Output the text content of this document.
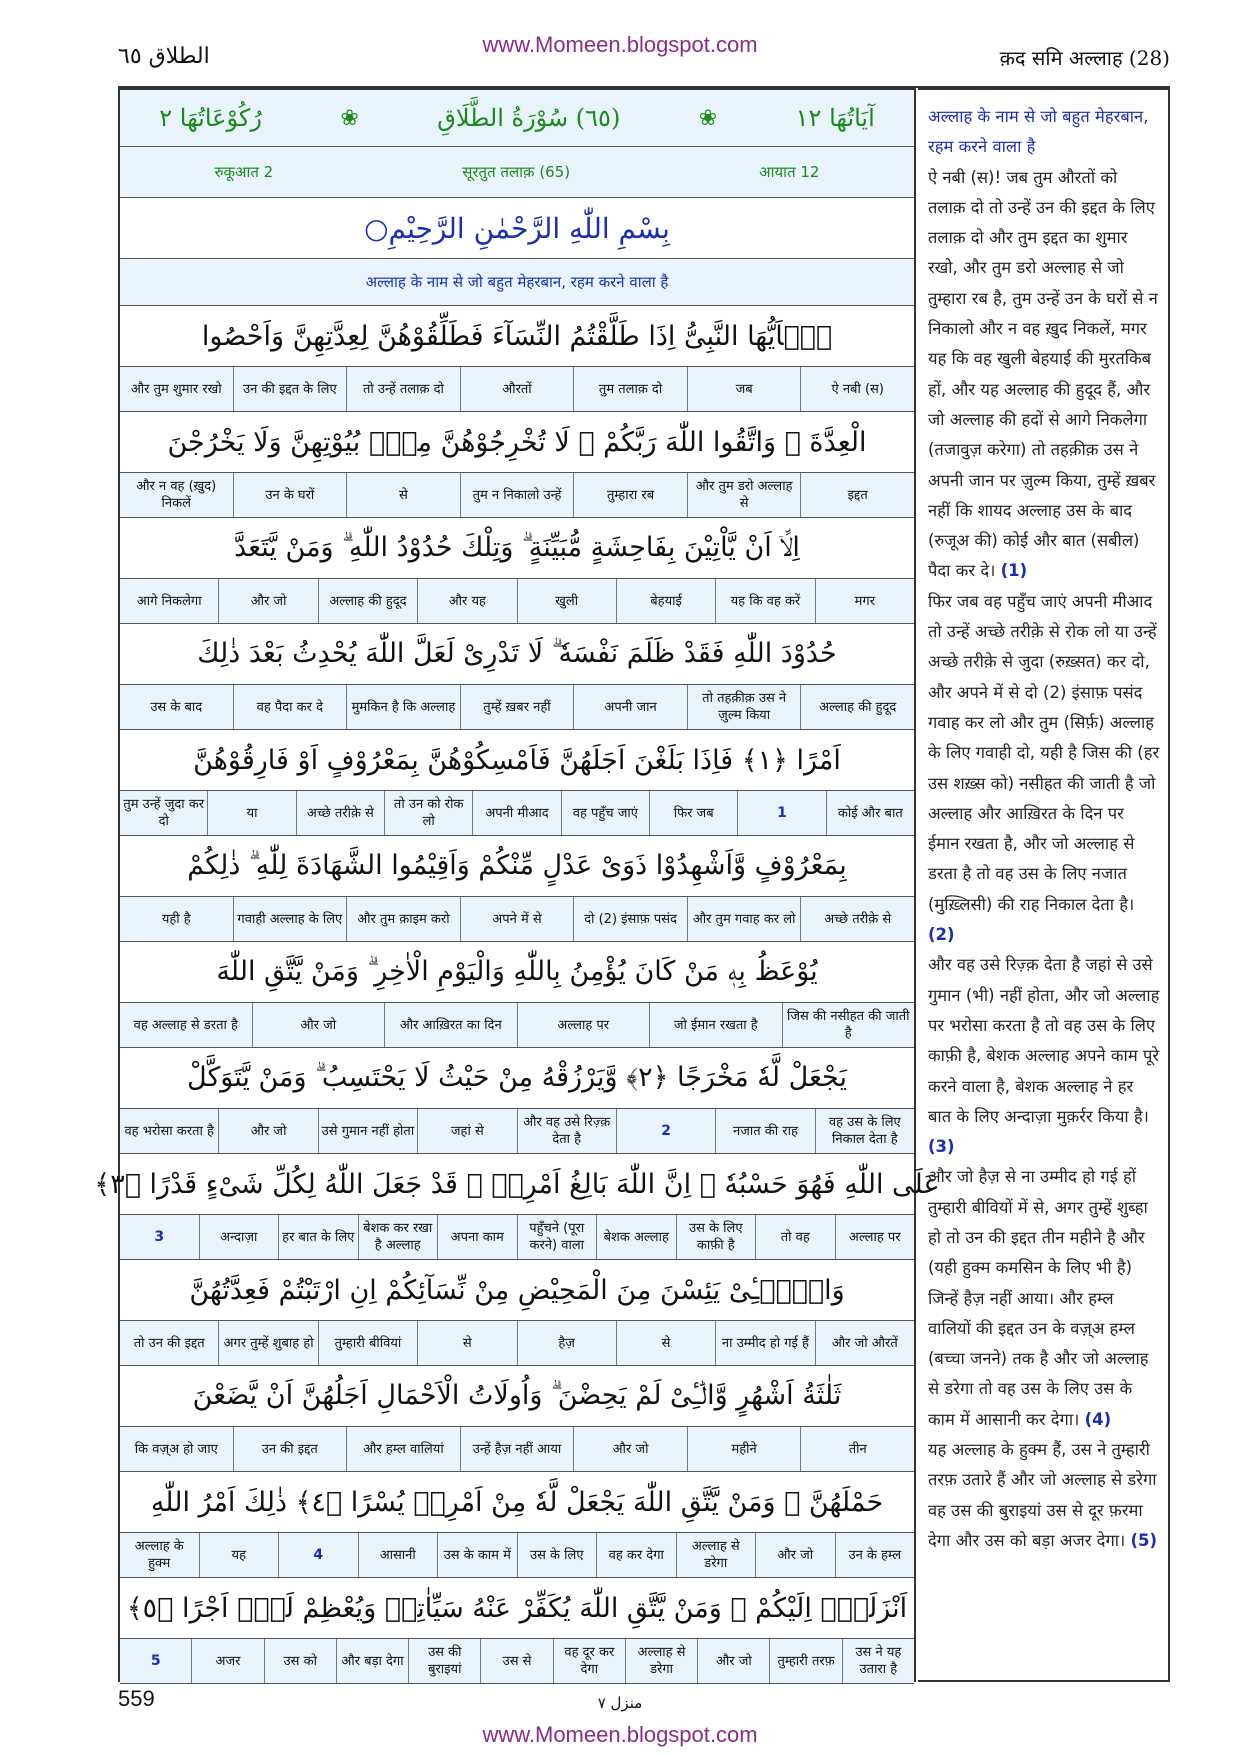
www.Momeen.blogspot.com
الطلاق ٦٥	क़द समि अल्लाह (28)
آيَاتُهَا ١٢
❀
(٦٥) سُوْرَةُ الطَّلَاقِ
❀
رُكُوْعَاتُهَا ٢
आयात 12
(65) सूरतुत तलाक़
रुकूआत 2
بِسْمِ اللّٰهِ الرَّحْمٰنِ الرَّحِيْمِ○
अल्लाह के नाम से जो बहुत मेहरबान, रहम करने वाला है
يٰۤاَيُّهَا النَّبِىُّ اِذَا طَلَّقْتُمُ النِّسَآءَ فَطَلِّقُوْهُنَّ لِعِدَّتِهِنَّ وَاَحْصُوا
ऐ नबी (स)
जब
तुम तलाक़ दो
औरतों
तो उन्हें तलाक़ दो
उन की इद्दत के लिए
और तुम शुमार रखो
الْعِدَّةَ ۚ وَاتَّقُوا اللّٰهَ رَبَّكُمْ ۚ لَا تُخْرِجُوْهُنَّ مِنْۢ بُيُوْتِهِنَّ وَلَا يَخْرُجْنَ
इद्दत
और तुम डरो अल्लाह से
तुम्हारा रब
तुम न निकालो उन्हें
से
उन के घरों
और न वह (ख़ुद) निकलें
اِلَّاۤ اَنْ يَّاْتِيْنَ بِفَاحِشَةٍ مُّبَيِّنَةٍ ۗ وَتِلْكَ حُدُوْدُ اللّٰهِ ۗ وَمَنْ يَّتَعَدَّ
मगर
यह कि वह करें
बेहयाई
खुली
और यह
अल्लाह की हुदूद
और जो
आगे निकलेगा
حُدُوْدَ اللّٰهِ فَقَدْ ظَلَمَ نَفْسَهٗ ۗ لَا تَدْرِىْ لَعَلَّ اللّٰهَ يُحْدِثُ بَعْدَ ذٰلِكَ
अल्लाह की हुदूद
तो तहक़ीक़ उस ने ज़ुल्म किया
अपनी जान
तुम्हें ख़बर नहीं
मुमकिन है कि अल्लाह
वह पैदा कर दे
उस के बाद
اَمْرًا ﴿١﴾ فَاِذَا بَلَغْنَ اَجَلَهُنَّ فَاَمْسِكُوْهُنَّ بِمَعْرُوْفٍ اَوْ فَارِقُوْهُنَّ
कोई और बात
1
फिर जब
वह पहुँच जाएं
अपनी मीआद
तो उन को रोक लो
अच्छे तरीक़े से
या
तुम उन्हें जुदा कर दो
بِمَعْرُوْفٍ وَّاَشْهِدُوْا ذَوَىْ عَدْلٍ مِّنْكُمْ وَاَقِيْمُوا الشَّهَادَةَ لِلّٰهِ ۗ ذٰلِكُمْ
अच्छे तरीक़े से
और तुम गवाह कर लो
दो (2) इंसाफ़ पसंद
अपने में से
और तुम क़ाइम करो
गवाही अल्लाह के लिए
यही है
يُوْعَظُ بِهٖ مَنْ كَانَ يُؤْمِنُ بِاللّٰهِ وَالْيَوْمِ الْاٰخِرِ ۗ وَمَنْ يَّتَّقِ اللّٰهَ
जिस की नसीहत की जाती है
जो ईमान रखता है
अल्लाह पर
और आख़िरत का दिन
और जो
वह अल्लाह से डरता है
يَجْعَلْ لَّهٗ مَخْرَجًا ﴿٢﴾ وَّيَرْزُقْهُ مِنْ حَيْثُ لَا يَحْتَسِبُ ۗ وَمَنْ يَّتَوَكَّلْ
वह उस के लिए निकाल देता है
नजात की राह
2
और वह उसे रिज़्क़ देता है
जहां से
उसे गुमान नहीं होता
और जो
वह भरोसा करता है
عَلَى اللّٰهِ فَهُوَ حَسْبُهٗ ۗ اِنَّ اللّٰهَ بَالِغُ اَمْرِهٖ ۗ قَدْ جَعَلَ اللّٰهُ لِكُلِّ شَىْءٍ قَدْرًا ﴿٣﴾
अल्लाह पर
तो वह
उस के लिए काफ़ी है
बेशक अल्लाह
पहुँचने (पूरा करने) वाला
अपना काम
बेशक कर रखा है अल्लाह
हर बात के लिए
अन्दाज़ा
3
وَالّٰۤـِٔىْ يَئِسْنَ مِنَ الْمَحِيْضِ مِنْ نِّسَآئِكُمْ اِنِ ارْتَبْتُمْ فَعِدَّتُهُنَّ
और जो औरतें
ना उम्मीद हो गई हैं
से
हैज़
से
तुम्हारी बीवियां
अगर तुम्हें शुबाह हो
तो उन की इद्दत
ثَلٰثَةُ اَشْهُرٍ وَّالّٰۤـِٔىْ لَمْ يَحِضْنَ ۗ وَاُولَاتُ الْاَحْمَالِ اَجَلُهُنَّ اَنْ يَّضَعْنَ
तीन
महीने
और जो
उन्हें हैज़ नहीं आया
और हम्ल वालियां
उन की इद्दत
कि वज़्अ हो जाए
حَمْلَهُنَّ ۗ وَمَنْ يَّتَّقِ اللّٰهَ يَجْعَلْ لَّهٗ مِنْ اَمْرِهٖ يُسْرًا ﴿٤﴾ ذٰلِكَ اَمْرُ اللّٰهِ
उन के हम्ल
और जो
अल्लाह से डरेगा
वह कर देगा
उस के लिए
उस के काम में
आसानी
4
यह
अल्लाह के हुक्म
اَنْزَلَهٗۤ اِلَيْكُمْ ۗ وَمَنْ يَّتَّقِ اللّٰهَ يُكَفِّرْ عَنْهُ سَيِّاٰتِهٖ وَيُعْظِمْ لَهٗۤ اَجْرًا ﴿٥﴾
उस ने यह उतारा है
तुम्हारी तरफ़
और जो
अल्लाह से डरेगा
वह दूर कर देगा
उस से
उस की बुराइयां
और बड़ा देगा
उस को
अजर
5
अल्लाह के नाम से जो बहुत मेहरबान, रहम करने वाला है
ऐ नबी (स)! जब तुम औरतों को तलाक़ दो तो उन्हें उन की इद्दत के लिए तलाक़ दो और तुम इद्दत का शुमार रखो, और तुम डरो अल्लाह से जो तुम्हारा रब है, तुम उन्हें उन के घरों से न निकालो और न वह ख़ुद निकलें, मगर यह कि वह खुली बेहयाई की मुरतकिब हों, और यह अल्लाह की हुदूद हैं, और जो अल्लाह की हदों से आगे निकलेगा (तजावुज़ करेगा) तो तहक़ीक़ उस ने अपनी जान पर ज़ुल्म किया, तुम्हें ख़बर नहीं कि शायद अल्लाह उस के बाद (रुजूअ की) कोई और बात (सबील) पैदा कर दे। (1)
फिर जब वह पहुँच जाएं अपनी मीआद तो उन्हें अच्छे तरीक़े से रोक लो या उन्हें अच्छे तरीक़े से जुदा (रुख़्सत) कर दो, और अपने में से दो (2) इंसाफ़ पसंद गवाह कर लो और तुम (सिर्फ़) अल्लाह के लिए गवाही दो, यही है जिस की (हर उस शख़्स को) नसीहत की जाती है जो अल्लाह और आख़िरत के दिन पर ईमान रखता है, और जो अल्लाह से डरता है तो वह उस के लिए नजात (मुख़्लिसी) की राह निकाल देता है। (2)
और वह उसे रिज़्क़ देता है जहां से उसे गुमान (भी) नहीं होता, और जो अल्लाह पर भरोसा करता है तो वह उस के लिए काफ़ी है, बेशक अल्लाह अपने काम पूरे करने वाला है, बेशक अल्लाह ने हर बात के लिए अन्दाज़ा मुक़र्रर किया है। (3)
और जो हैज़ से ना उम्मीद हो गई हों तुम्हारी बीवियों में से, अगर तुम्हें शुब्हा हो तो उन की इद्दत तीन महीने है और (यही हुक्म कमसिन के लिए भी है) जिन्हें हैज़ नहीं आया। और हम्ल वालियों की इद्दत उन के वज़्अ हम्ल (बच्चा जनने) तक है और जो अल्लाह से डरेगा तो वह उस के लिए उस के काम में आसानी कर देगा। (4)
यह अल्लाह के हुक्म हैं, उस ने तुम्हारी तरफ़ उतारे हैं और जो अल्लाह से डरेगा वह उस की बुराइयां उस से दूर फ़रमा देगा और उस को बड़ा अजर देगा। (5)
559	منزل ٧
www.Momeen.blogspot.com
